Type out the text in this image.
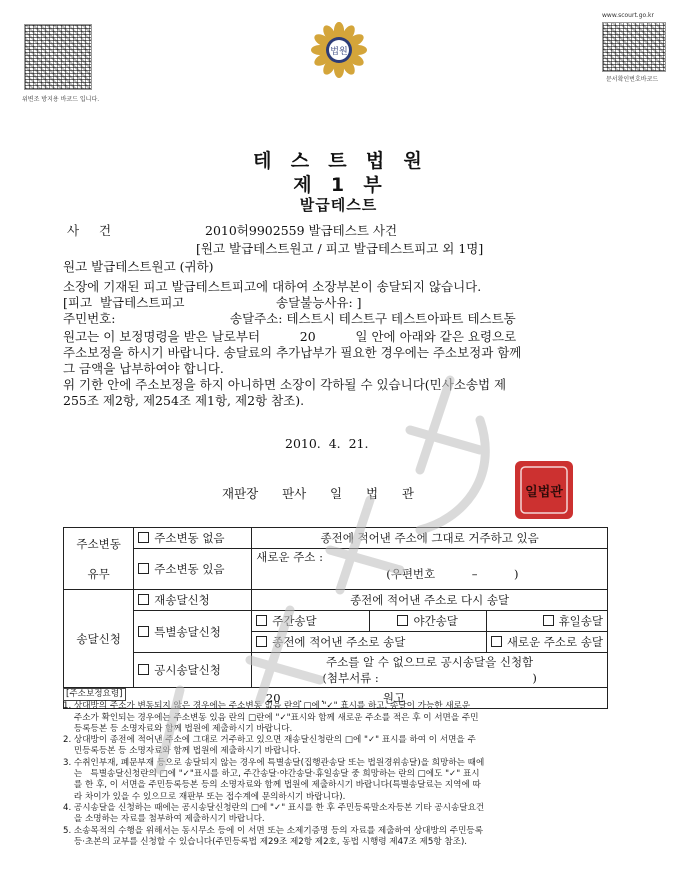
위변조 방지용 바코드 입니다.
www.scourt.go.kr
문서확인번호바코드
법원
테  스  트  법  원
제  1  부
발급테스트
사     건	2010허9902559 발급테스트 사건
[원고 발급테스트원고 / 피고 발급테스트피고 외 1명]
원고 발급테스트원고 (귀하)
소장에 기재된 피고 발급테스트피고에 대하여 소장부본이 송달되지 않습니다.
[피고  발급테스트피고	송달불능사유: ]
주민번호:	송달주소: 테스트시 테스트구 테스트아파트 테스트동
원고는 이 보정명령을 받은 날로부터          20          일 안에 아래와 같은 요령으로
주소보정을 하시기 바랍니다. 송달료의 추가납부가 필요한 경우에는 주소보정과 함께
그 금액을 납부하여야 합니다.
위 기한 안에 주소보정을 하지 아니하면 소장이 각하될 수 있습니다(민사소송법 제
255조 제2항, 제254조 제1항, 제2항 참조).
2010.  4.  21.
재판장      판사      일      법      관	일법관
주소변동
유무	주소변동 없음	종전에 적어낸 주소에 그대로 거주하고 있음		
	주소변동 있음	새로운 주소 :
(우편번호          –          )		
송달신청	재송달신청	종전에 적어낸 주소로 다시 송달		
	특별송달신청	주간송달	야간송달	휴일송달
		종전에 적어낸 주소로 송달		새로운 주소로 송달
	공시송달신청	주소를 알 수 없으므로 공시송달을 신청함
(첨부서류 :                                          )		
20     .     .     .          원고				

[주소보정요령]

1. 상대방의 주소가 변동되지 않은 경우에는 주소변동 없음 란의 □에 "✓" 표시를 하고, 송달이 가능한 새로운

주소가 확인되는 경우에는 주소변동 있음 란의 □란에 "✓"표시와 함께 새로운 주소를 적은 후 이 서면을 주민

등록등본 등 소명자료와 함께 법원에 제출하시기 바랍니다.

2. 상대방이 종전에 적어낸 주소에 그대로 거주하고 있으면 재송달신청란의 □에 "✓" 표시를 하여 이 서면을 주

민등록등본 등 소명자료와 함께 법원에 제출하시기 바랍니다.

3. 수취인부재, 폐문부재 등으로 송달되지 않는 경우에 특별송달(집행관송달 또는 법원경위송달)을 희망하는 때에

는   특별송달신청란의 □에 "✓"표시를 하고, 주간송달·야간송달·휴일송달 중 희망하는 란의 □에도 "✓" 표시

를 한 후, 이 서면을 주민등록등본 등의 소명자료와 함께 법원에 제출하시기 바랍니다(특별송달료는 지역에 따

라 차이가 있을 수 있으므로 재판부 또는 접수계에 문의하시기 바랍니다).

4. 공시송달을 신청하는 때에는 공시송달신청란의 □에 "✓" 표시를 한 후 주민등록말소자등본 기타 공시송달요건

을 소명하는 자료를 첨부하여 제출하시기 바랍니다.

5. 소송목적의 수행을 위해서는 동시무소 등에 이 서면 또는 소제기증명 등의 자료를 제출하여 상대방의 주민등록

등·초본의 교부를 신청할 수 있습니다(주민등록법 제29조 제2항 제2호, 동법 시행령 제47조 제5항 참조).
